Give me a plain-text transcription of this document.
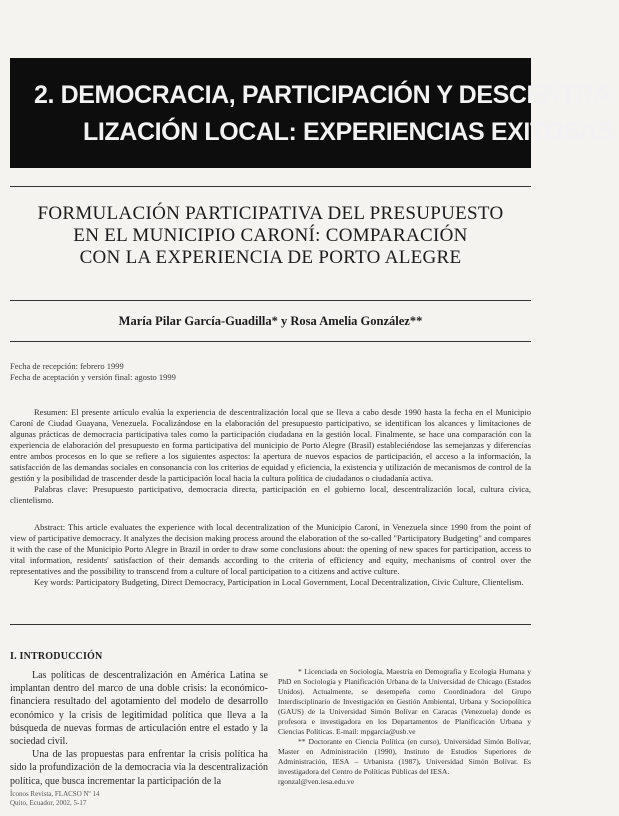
2. DEMOCRACIA, PARTICIPACIÓN Y DESCENTRA-
LIZACIÓN LOCAL: EXPERIENCIAS EXITOSAS
FORMULACIÓN PARTICIPATIVA DEL PRESUPUESTO
EN EL MUNICIPIO CARONÍ: COMPARACIÓN
CON LA EXPERIENCIA DE PORTO ALEGRE
María Pilar García-Guadilla* y Rosa Amelia González**
Fecha de recepción: febrero 1999
Fecha de aceptación y versión final: agosto 1999

Resumen: El presente artículo evalúa la experiencia de descentralización local que se lleva a cabo desde 1990 hasta la fecha en el Municipio Caroní de Ciudad Guayana, Venezuela. Focalizándose en la elaboración del presupuesto participativo, se identifican los alcances y limitaciones de algunas prácticas de democracia participativa tales como la participación ciudadana en la gestión local. Finalmente, se hace una comparación con la experiencia de elaboración del presupuesto en forma participativa del municipio de Porto Alegre (Brasil) estableciéndose las semejanzas y diferencias entre ambos procesos en lo que se refiere a los siguientes aspectos: la apertura de nuevos espacios de participación, el acceso a la información, la satisfacción de las demandas sociales en consonancia con los criterios de equidad y eficiencia, la existencia y utilización de mecanismos de control de la gestión y la posibilidad de trascender desde la participación local hacia la cultura política de ciudadanos o ciudadanía activa.

Palabras clave: Presupuesto participativo, democracia directa, participación en el gobierno local, descentralización local, cultura cívica, clientelismo.

Abstract: This article evaluates the experience with local decentralization of the Municipio Caroní, in Venezuela since 1990 from the point of view of participative democracy. It analyzes the decision making process around the elaboration of the so-called "Participatory Budgeting" and compares it with the case of the Municipio Porto Alegre in Brazil in order to draw some conclusions about: the opening of new spaces for participation, access to vital information, residents' satisfaction of their demands according to the criteria of efficiency and equity, mechanisms of control over the representatives and the possibility to transcend from a culture of local participation to a citizens and active culture.

Key words: Participatory Budgeting, Direct Democracy, Participation in Local Government, Local Decentralization, Civic Culture, Clientelism.

I. INTRODUCCIÓN

Las políticas de descentralización en América Latina se implantan dentro del marco de una doble crisis: la económico-financiera resultado del agotamiento del modelo de desarrollo económico y la crisis de legitimidad política que lleva a la búsqueda de nuevas formas de articulación entre el estado y la sociedad civil.

Una de las propuestas para enfrentar la crisis política ha sido la profundización de la democracia vía la descentralización política, que busca incrementar la participación de la

* Licenciada en Sociología, Maestría en Demografía y Ecología Humana y PhD en Sociología y Planificación Urbana de la Universidad de Chicago (Estados Unidos). Actualmente, se desempeña como Coordinadora del Grupo Interdisciplinario de Investigación en Gestión Ambiental, Urbana y Sociopolítica (GAUS) de la Universidad Simón Bolívar en Caracas (Venezuela) donde es profesora e investigadora en los Departamentos de Planificación Urbana y Ciencias Políticas. E-mail: mpgarcia@usb.ve

** Doctorante en Ciencia Política (en curso), Universidad Simón Bolívar, Master en Administración (1990), Instituto de Estudios Superiores de Administración, IESA – Urbanista (1987), Universidad Simón Bolívar. Es investigadora del Centro de Políticas Públicas del IESA.

rgonzal@ven.iesa.edu.ve
Íconos Revista, FLACSO Nº 14
Quito, Ecuador, 2002, 5-17
